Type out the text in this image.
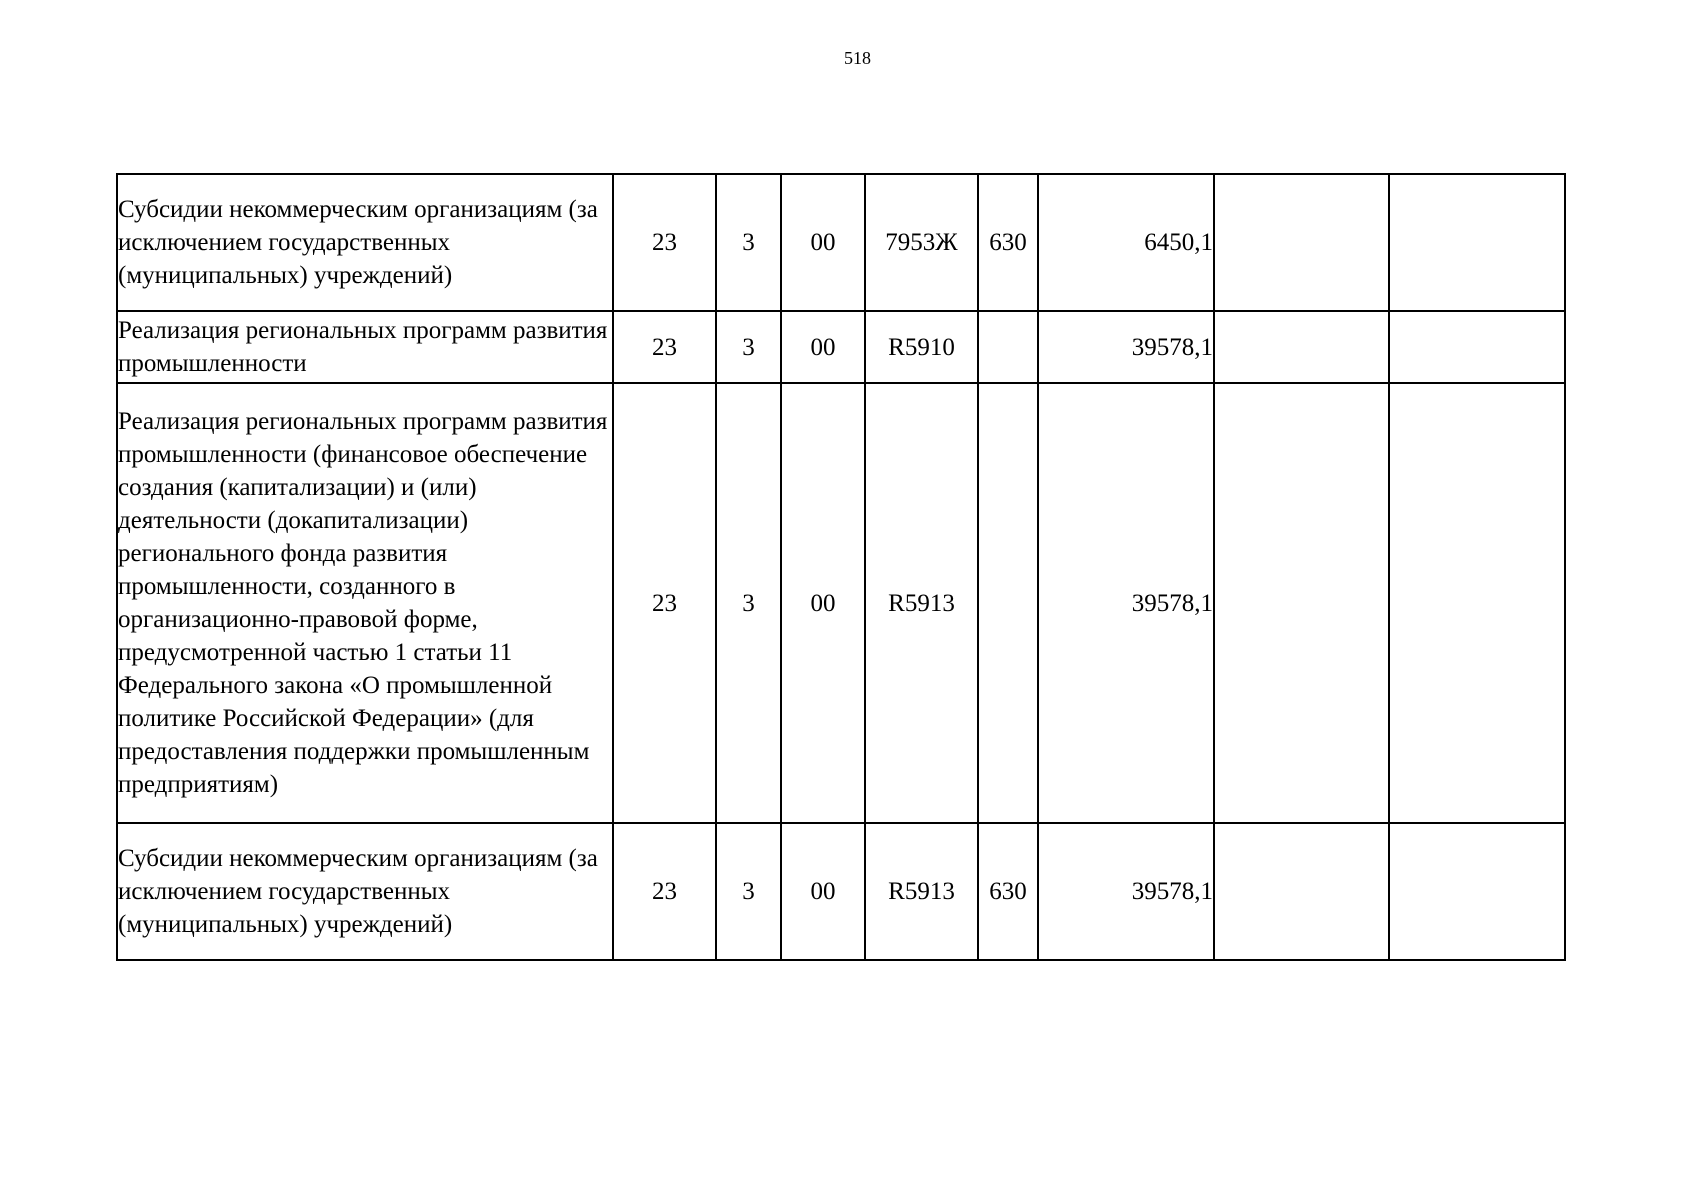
518
Субсидии некоммерческим организациям (за исключением государственных (муниципальных) учреждений)	23	3	00	7953Ж	630	6450,1		
Реализация региональных программ развития промышленности	23	3	00	R5910		39578,1		
Реализация региональных программ развития промышленности (финансовое обеспечение создания (капитализации) и (или) деятельности (докапитализации) регионального фонда развития промышленности, созданного в организационно-правовой форме, предусмотренной частью 1 статьи 11 Федерального закона «О промышленной политике Российской Федерации» (для предоставления поддержки промышленным предприятиям)	23	3	00	R5913		39578,1		
Субсидии некоммерческим организациям (за исключением государственных (муниципальных) учреждений)	23	3	00	R5913	630	39578,1		
